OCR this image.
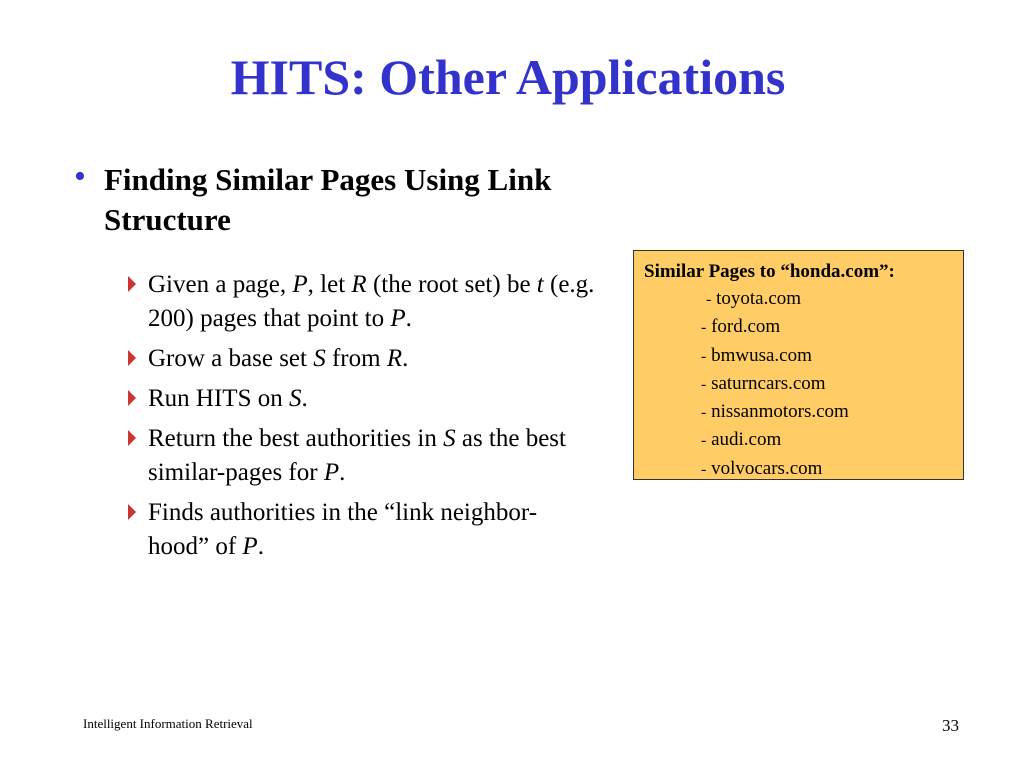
HITS: Other Applications
• Finding Similar Pages Using Link Structure
Given a page, P, let R (the root set) be t (e.g. 200) pages that point to P.
Grow a base set S from R.
Run HITS on S.
Return the best authorities in S as the best similar-pages for P.
Finds authorities in the “link neighbor-hood” of P.
Similar Pages to “honda.com”:
- toyota.com
- ford.com
- bmwusa.com
- saturncars.com
- nissanmotors.com
- audi.com
- volvocars.com
Intelligent Information Retrieval	33
